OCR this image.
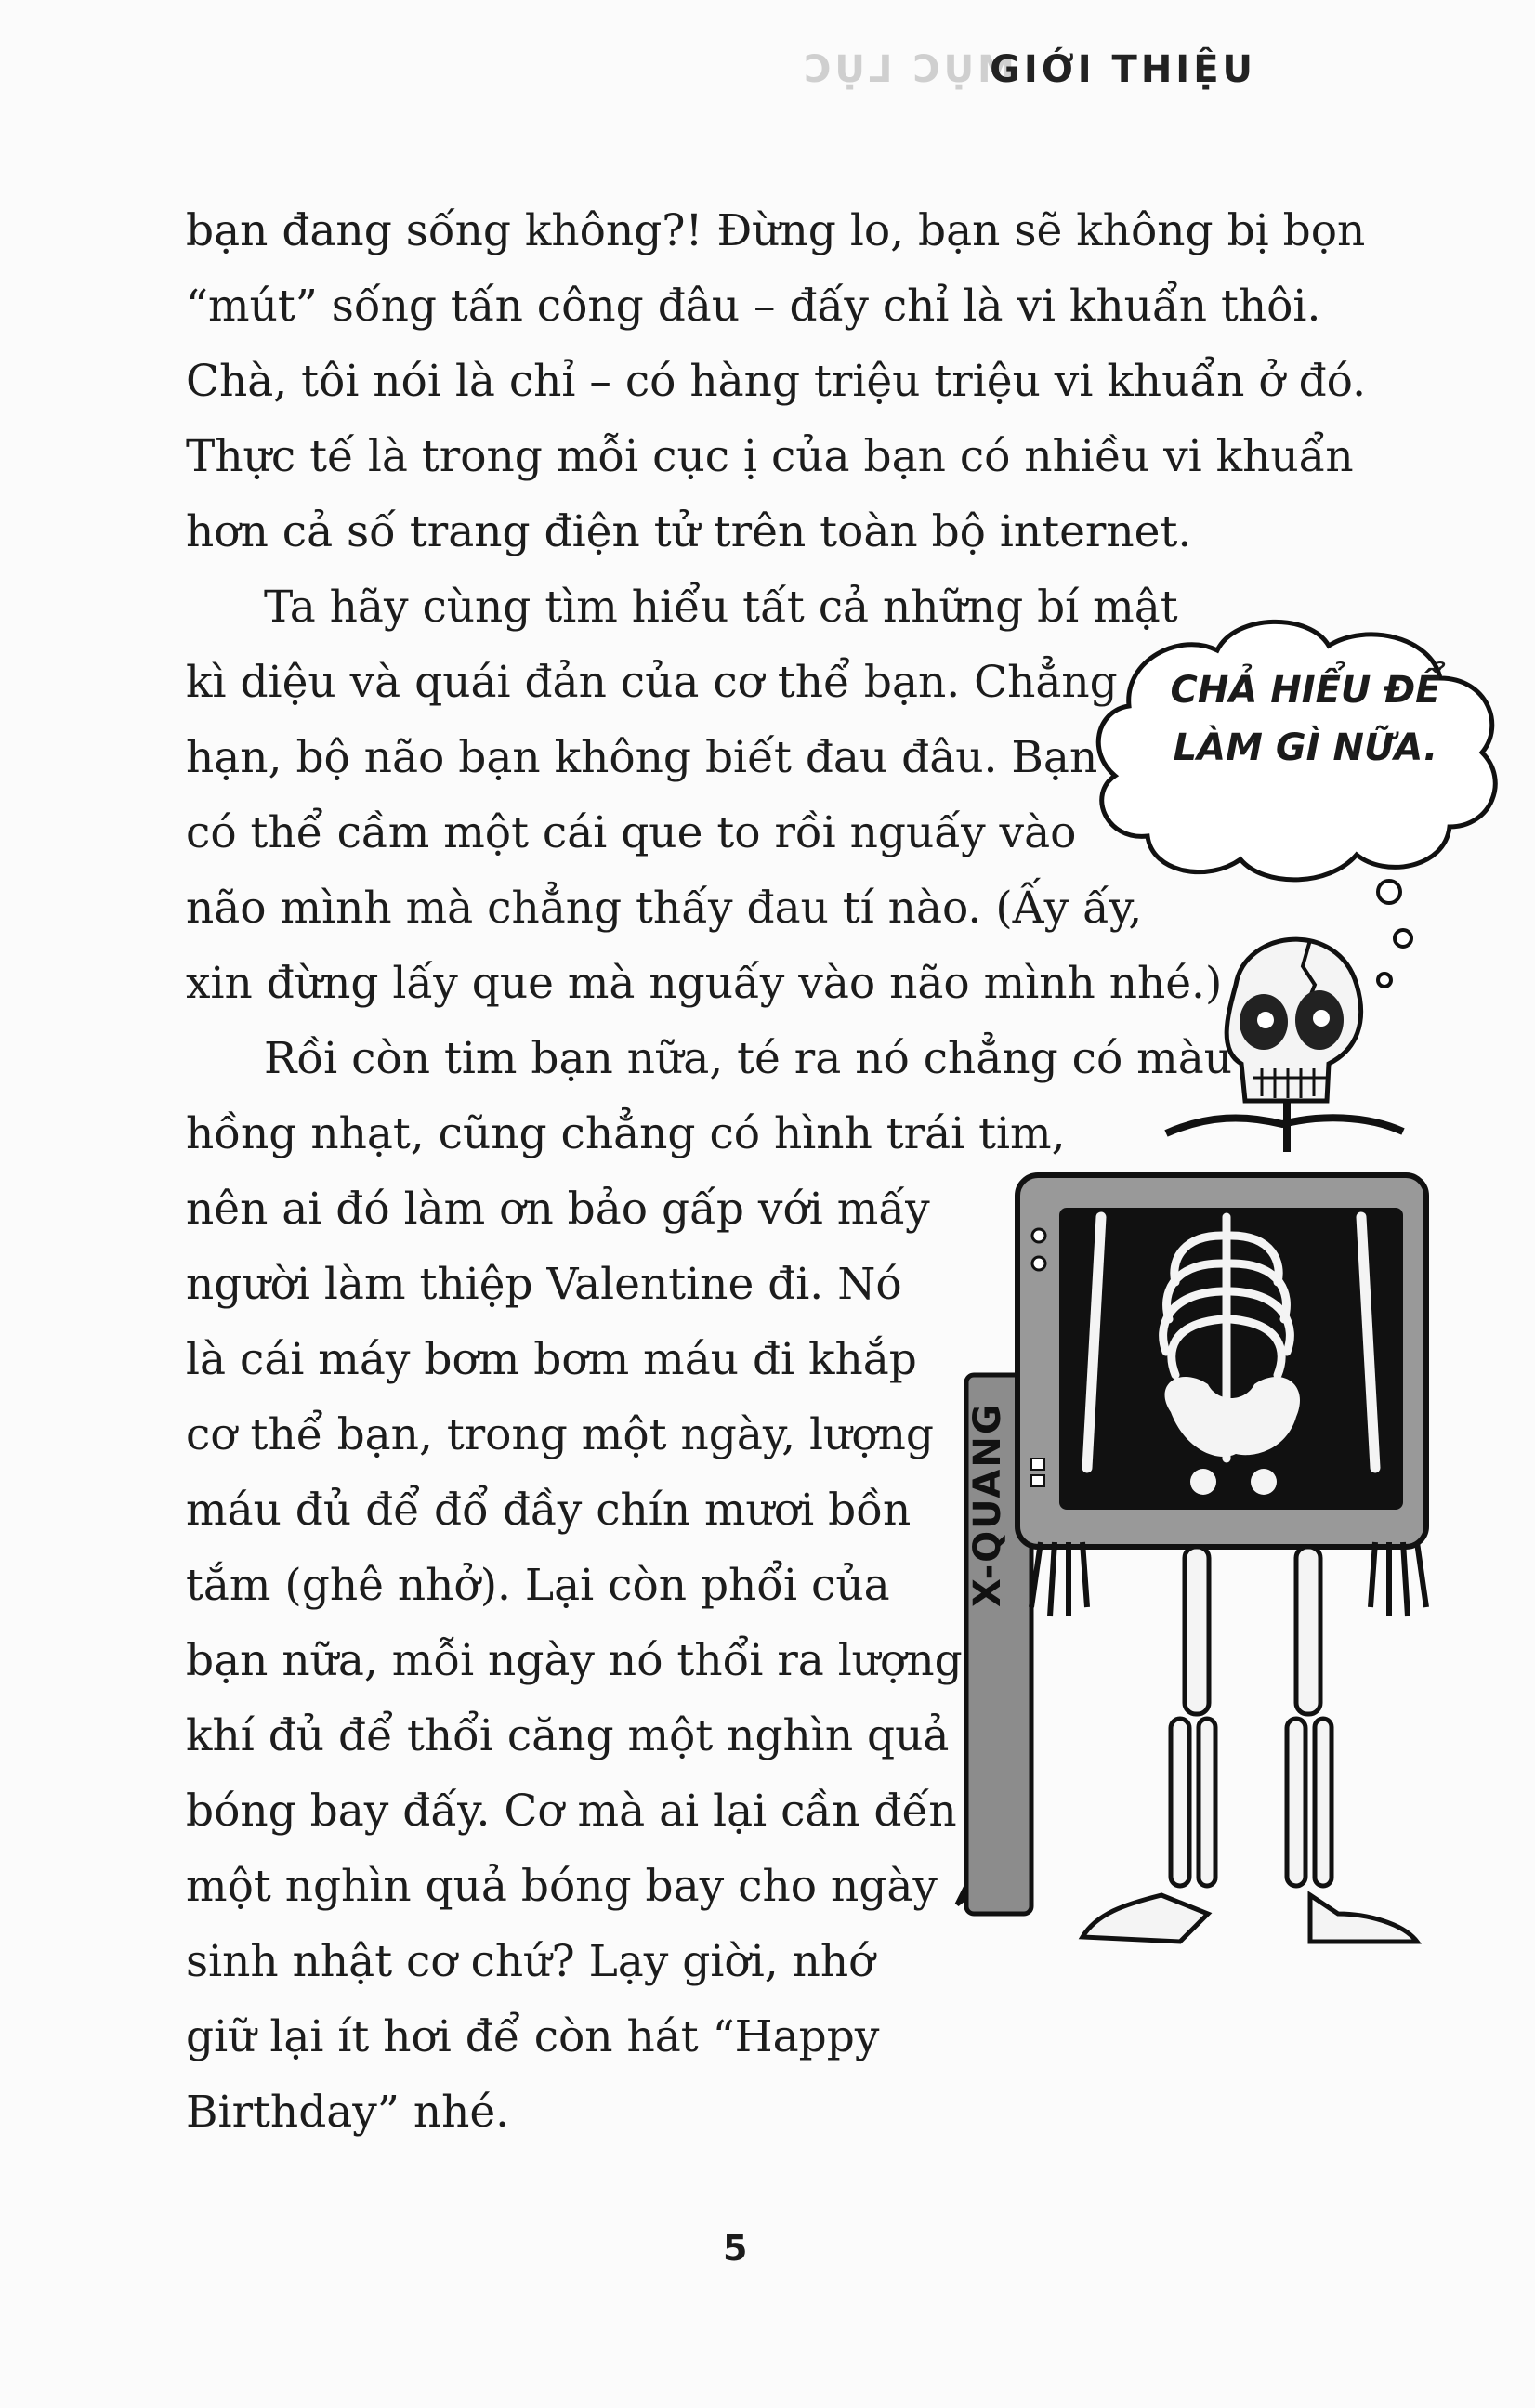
MỤC LỤC
GIỚI THIỆU
bạn đang sống không?! Đừng lo, bạn sẽ không bị bọn
“mút” sống tấn công đâu – đấy chỉ là vi khuẩn thôi.
Chà, tôi nói là chỉ – có hàng triệu triệu vi khuẩn ở đó.
Thực tế là trong mỗi cục ị của bạn có nhiều vi khuẩn
hơn cả số trang điện tử trên toàn bộ internet.
Ta hãy cùng tìm hiểu tất cả những bí mật
kì diệu và quái đản của cơ thể bạn. Chẳng
hạn, bộ não bạn không biết đau đâu. Bạn
có thể cầm một cái que to rồi nguấy vào
não mình mà chẳng thấy đau tí nào. (Ấy ấy,
xin đừng lấy que mà nguấy vào não mình nhé.)
Rồi còn tim bạn nữa, té ra nó chẳng có màu
hồng nhạt, cũng chẳng có hình trái tim,
nên ai đó làm ơn bảo gấp với mấy
người làm thiệp Valentine đi. Nó
là cái máy bơm bơm máu đi khắp
cơ thể bạn, trong một ngày, lượng
máu đủ để đổ đầy chín mươi bồn
tắm (ghê nhở). Lại còn phổi của
bạn nữa, mỗi ngày nó thổi ra lượng
khí đủ để thổi căng một nghìn quả
bóng bay đấy. Cơ mà ai lại cần đến
một nghìn quả bóng bay cho ngày
sinh nhật cơ chứ? Lạy giời, nhớ
giữ lại ít hơi để còn hát “Happy
Birthday” nhé.
CHẢ HIỂU ĐỂ
LÀM GÌ NỮA.
X-QUANG
5
